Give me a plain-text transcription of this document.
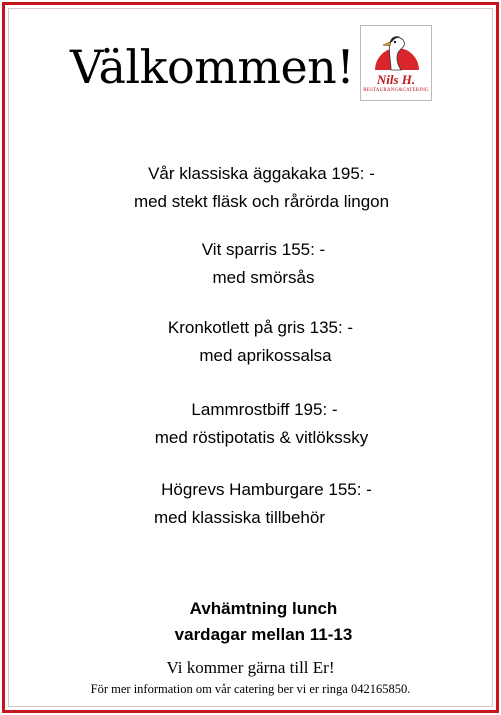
Välkommen!	Nils H.
RESTAURANG&CATERING
Vår klassiska äggakaka 195: -
med stekt fläsk och rårörda lingon
Vit sparris 155: -
med smörsås
Kronkotlett på gris 135: -
med aprikossalsa
Lammrostbiff 195: -
med röstipotatis & vitlökssky
Högrevs Hamburgare 155: -
med klassiska tillbehör
Avhämtning lunch
vardagar mellan 11-13
Vi kommer gärna till Er!
För mer information om vår catering ber vi er ringa 042165850.
